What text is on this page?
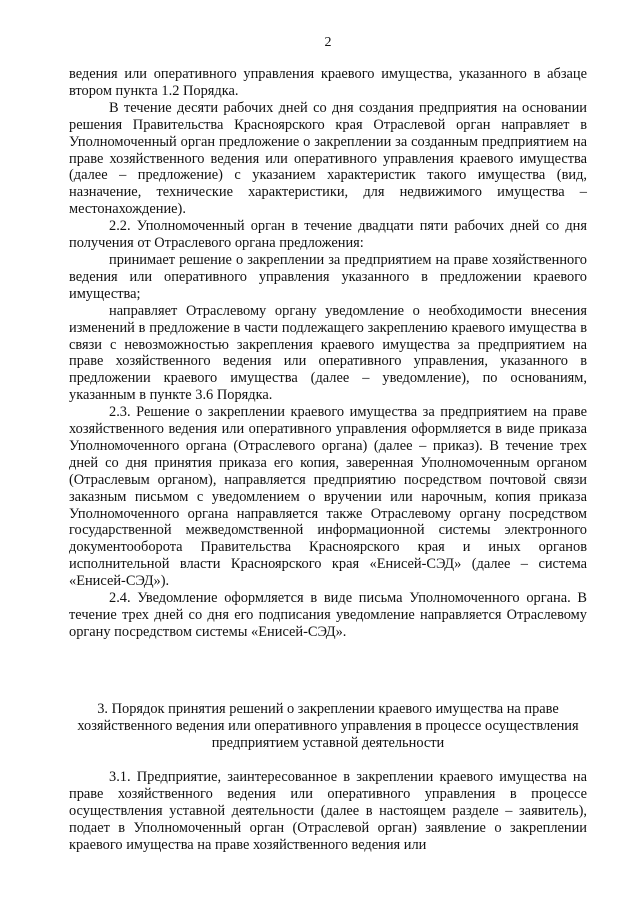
2

ведения или оперативного управления краевого имущества, указанного в абзаце втором пункта 1.2 Порядка.

В течение десяти рабочих дней со дня создания предприятия на основании решения Правительства Красноярского края Отраслевой орган направляет в Уполномоченный орган предложение о закреплении за созданным предприятием на праве хозяйственного ведения или оперативного управления краевого имущества (далее – предложение) с указанием характеристик такого имущества (вид, назначение, технические характеристики, для недвижимого имущества – местонахождение).

2.2. Уполномоченный орган в течение двадцати пяти рабочих дней со дня получения от Отраслевого органа предложения:

принимает решение о закреплении за предприятием на праве хозяйственного ведения или оперативного управления указанного в предложении краевого имущества;

направляет Отраслевому органу уведомление о необходимости внесения изменений в предложение в части подлежащего закреплению краевого имущества в связи с невозможностью закрепления краевого имущества за предприятием на праве хозяйственного ведения или оперативного управления, указанного в предложении краевого имущества (далее – уведомление), по основаниям, указанным в пункте 3.6 Порядка.

2.3. Решение о закреплении краевого имущества за предприятием на праве хозяйственного ведения или оперативного управления оформляется в виде приказа Уполномоченного органа (Отраслевого органа) (далее – приказ). В течение трех дней со дня принятия приказа его копия, заверенная Уполномоченным органом (Отраслевым органом), направляется предприятию посредством почтовой связи заказным письмом с уведомлением о вручении или нарочным, копия приказа Уполномоченного органа направляется также Отраслевому органу посредством государственной межведомственной информационной системы электронного документооборота Правительства Красноярского края и иных органов исполнительной власти Красноярского края «Енисей-СЭД» (далее – система «Енисей-СЭД»).

2.4. Уведомление оформляется в виде письма Уполномоченного органа. В течение трех дней со дня его подписания уведомление направляется Отраслевому органу посредством системы «Енисей-СЭД».

3. Порядок принятия решений о закреплении краевого имущества на праве хозяйственного ведения или оперативного управления в процессе осуществления предприятием уставной деятельности

3.1. Предприятие, заинтересованное в закреплении краевого имущества на праве хозяйственного ведения или оперативного управления в процессе осуществления уставной деятельности (далее в настоящем разделе – заявитель), подает в Уполномоченный орган (Отраслевой орган) заявление о закреплении краевого имущества на праве хозяйственного ведения или
